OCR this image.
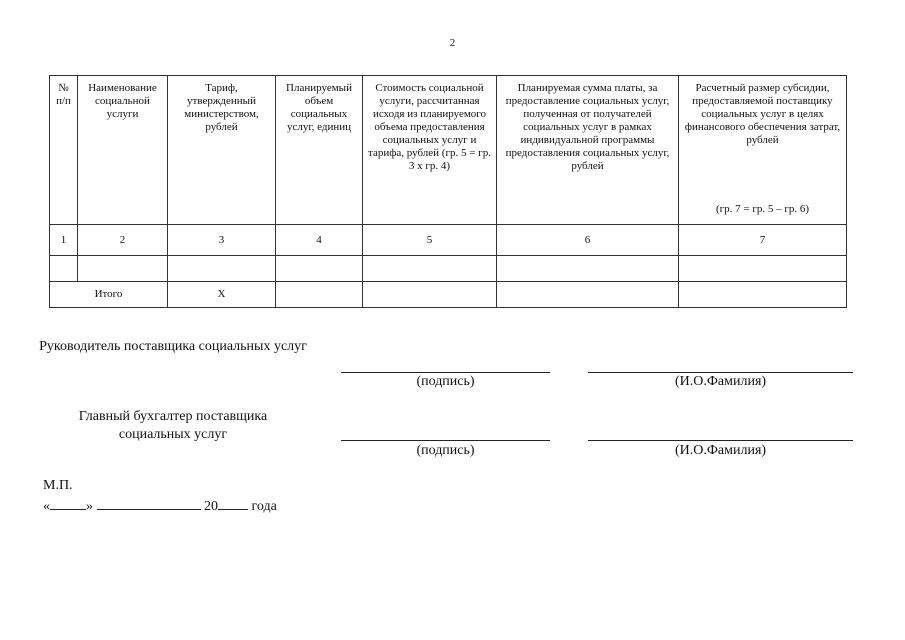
2
№ п/п	Наименование социальной услуги	Тариф, утвержденный министерством, рублей	Планируемый объем социальных услуг, единиц	Стоимость социальной услуги, рассчитанная исходя из планируемого объема предоставления социальных услуг и тарифа, рублей (гр. 5 = гр. 3 х гр. 4)	Планируемая сумма платы, за предоставление социальных услуг, полученная от получателей социальных услуг в рамках индивидуальной программы предоставления социальных услуг, рублей	Расчетный размер субсидии, предоставляемой поставщику социальных услуг в целях финансового обеспечения затрат, рублей
(гр. 7 = гр. 5 – гр. 6)

1	2	3	4	5	6	7

Итого		Х				
Руководитель поставщика социальных услуг
(подпись)	(И.О.Фамилия)
Главный бухгалтер поставщика социальных услуг
(подпись)	(И.О.Фамилия)
М.П.
«	»	20 года
